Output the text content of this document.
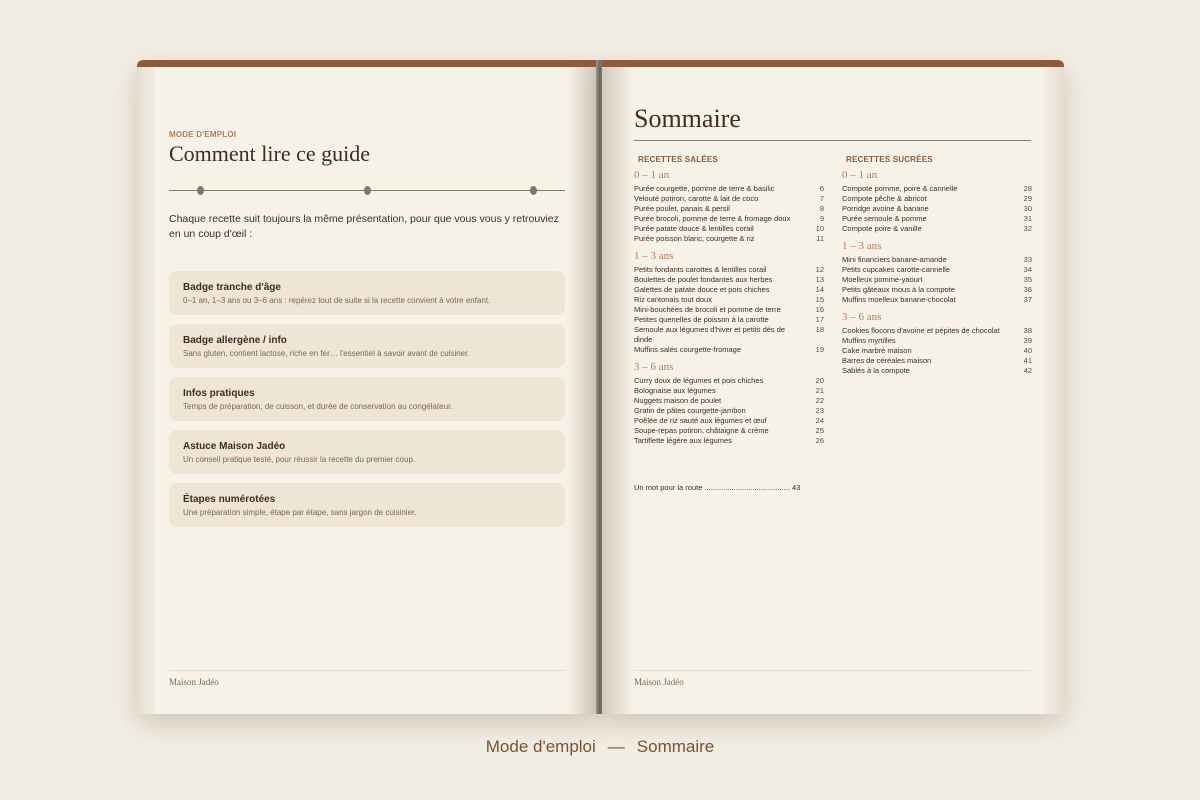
MODE D'EMPLOI
Comment lire ce guide
Chaque recette suit toujours la même présentation, pour que vous vous y retrouviez en un coup d'œil :
Badge tranche d'âge
0–1 an, 1–3 ans ou 3–6 ans : repérez tout de suite si la recette convient à votre enfant.
Badge allergène / info
Sans gluten, contient lactose, riche en fer… l'essentiel à savoir avant de cuisiner.
Infos pratiques
Temps de préparation, de cuisson, et durée de conservation au congélateur.
Astuce Maison Jadéo
Un conseil pratique testé, pour réussir la recette du premier coup.
Étapes numérotées
Une préparation simple, étape par étape, sans jargon de cuisinier.
Maison Jadéo
Sommaire
RECETTES SALÉES
0 – 1 an
Purée courgette, pomme de terre & basilic	6
Velouté potiron, carotte & lait de coco	7
Purée poulet, panais & persil	8
Purée brocoli, pomme de terre & fromage doux	9
Purée patate douce & lentilles corail	10
Purée poisson blanc, courgette & riz	11
1 – 3 ans
Petits fondants carottes & lentilles corail	12
Boulettes de poulet fondantes aux herbes	13
Galettes de patate douce et pois chiches	14
Riz cantonais tout doux	15
Mini-bouchées de brocoli et pomme de terre	16
Petites quenelles de poisson à la carotte	17
Semoule aux légumes d'hiver et petits dés de dinde
18
Muffins salés courgette-fromage	19
3 – 6 ans
Curry doux de légumes et pois chiches	20
Bolognaise aux légumes	21
Nuggets maison de poulet	22
Gratin de pâtes courgette-jambon	23
Poêlée de riz sauté aux légumes et œuf	24
Soupe-repas potiron, châtaigne & crème	25
Tartiflette légère aux légumes	26
RECETTES SUCRÉES
0 – 1 an
Compote pomme, poire & cannelle	28
Compote pêche & abricot	29
Porridge avoine & banane	30
Purée semoule & pomme	31
Compote poire & vanille	32
1 – 3 ans
Mini financiers banane-amande	33
Petits cupcakes carotte-cannelle	34
Moelleux pomme-yaourt	35
Petits gâteaux mous à la compote	36
Muffins moelleux banane-chocolat	37
3 – 6 ans
Cookies flocons d'avoine et pépites de chocolat	38
Muffins myrtilles	39
Cake marbré maison	40
Barres de céréales maison	41
Sablés à la compote	42
Un mot pour la route ......................................... 43
Maison Jadéo
Mode d'emploi — Sommaire
